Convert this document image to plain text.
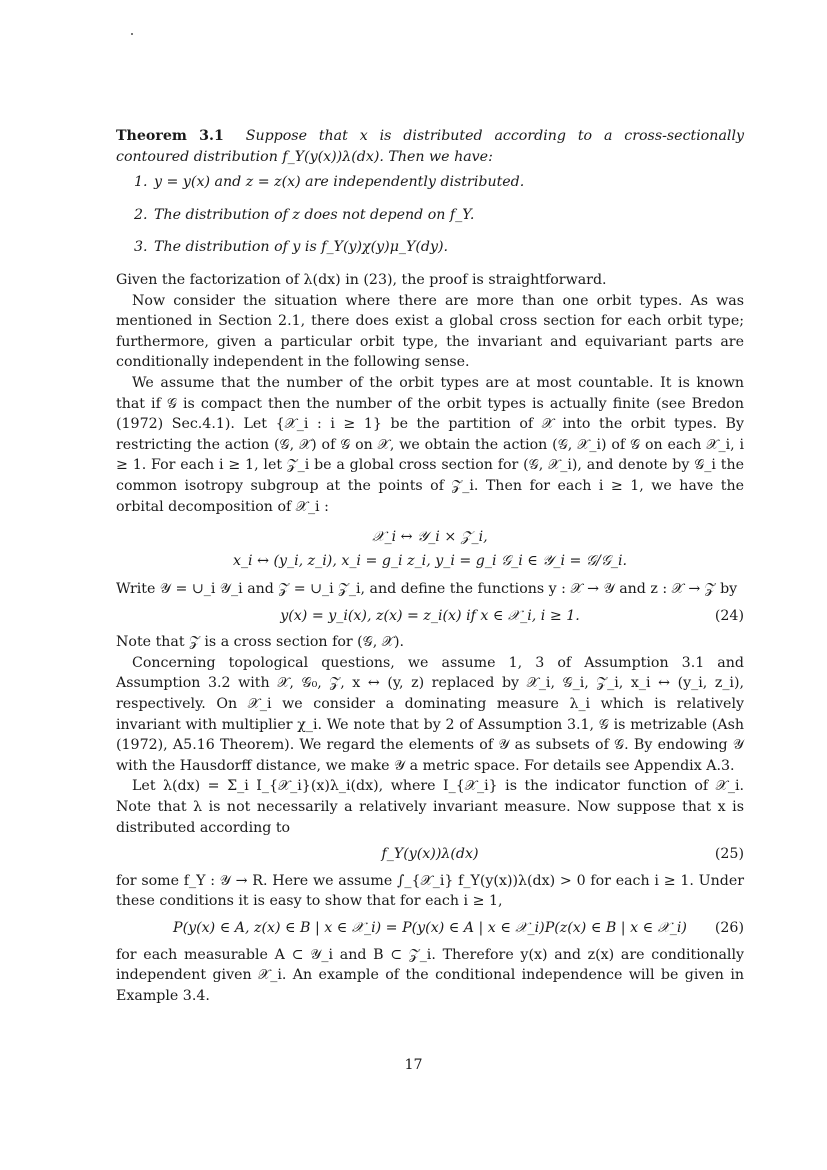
Theorem 3.1 Suppose that x is distributed according to a cross-sectionally contoured distribution f_Y(y(x))λ(dx). Then we have:

1. y = y(x) and z = z(x) are independently distributed.
2. The distribution of z does not depend on f_Y.
3. The distribution of y is f_Y(y)χ(y)μ_Y(dy).

Given the factorization of λ(dx) in (23), the proof is straightforward.

Now consider the situation where there are more than one orbit types. As was mentioned in Section 2.1, there does exist a global cross section for each orbit type; furthermore, given a particular orbit type, the invariant and equivariant parts are conditionally independent in the following sense.

We assume that the number of the orbit types are at most countable. It is known that if 𝒢 is compact then the number of the orbit types is actually finite (see Bredon (1972) Sec.4.1). Let {𝒳_i : i ≥ 1} be the partition of 𝒳 into the orbit types. By restricting the action (𝒢, 𝒳) of 𝒢 on 𝒳, we obtain the action (𝒢, 𝒳_i) of 𝒢 on each 𝒳_i, i ≥ 1. For each i ≥ 1, let 𝒵_i be a global cross section for (𝒢, 𝒳_i), and denote by 𝒢_i the common isotropy subgroup at the points of 𝒵_i. Then for each i ≥ 1, we have the orbital decomposition of 𝒳_i :

𝒳_i ↔ 𝒴_i × 𝒵_i,
x_i ↔ (y_i, z_i), x_i = g_i z_i, y_i = g_i 𝒢_i ∈ 𝒴_i = 𝒢/𝒢_i.

Write 𝒴 = ∪_i 𝒴_i and 𝒵 = ∪_i 𝒵_i, and define the functions y : 𝒳 → 𝒴 and z : 𝒳 → 𝒵 by

y(x) = y_i(x), z(x) = z_i(x) if x ∈ 𝒳_i, i ≥ 1.	(24)

Note that 𝒵 is a cross section for (𝒢, 𝒳).

Concerning topological questions, we assume 1, 3 of Assumption 3.1 and Assumption 3.2 with 𝒳, 𝒢₀, 𝒵, x ↔ (y, z) replaced by 𝒳_i, 𝒢_i, 𝒵_i, x_i ↔ (y_i, z_i), respectively. On 𝒳_i we consider a dominating measure λ_i which is relatively invariant with multiplier χ_i. We note that by 2 of Assumption 3.1, 𝒢 is metrizable (Ash (1972), A5.16 Theorem). We regard the elements of 𝒴 as subsets of 𝒢. By endowing 𝒴 with the Hausdorff distance, we make 𝒴 a metric space. For details see Appendix A.3.

Let λ(dx) = Σ_i I_{𝒳_i}(x)λ_i(dx), where I_{𝒳_i} is the indicator function of 𝒳_i. Note that λ is not necessarily a relatively invariant measure. Now suppose that x is distributed according to

f_Y(y(x))λ(dx)	(25)

for some f_Y : 𝒴 → R. Here we assume ∫_{𝒳_i} f_Y(y(x))λ(dx) > 0 for each i ≥ 1. Under these conditions it is easy to show that for each i ≥ 1,

P(y(x) ∈ A, z(x) ∈ B | x ∈ 𝒳_i) = P(y(x) ∈ A | x ∈ 𝒳_i)P(z(x) ∈ B | x ∈ 𝒳_i) (26)

for each measurable A ⊂ 𝒴_i and B ⊂ 𝒵_i. Therefore y(x) and z(x) are conditionally independent given 𝒳_i. An example of the conditional independence will be given in Example 3.4.

17
